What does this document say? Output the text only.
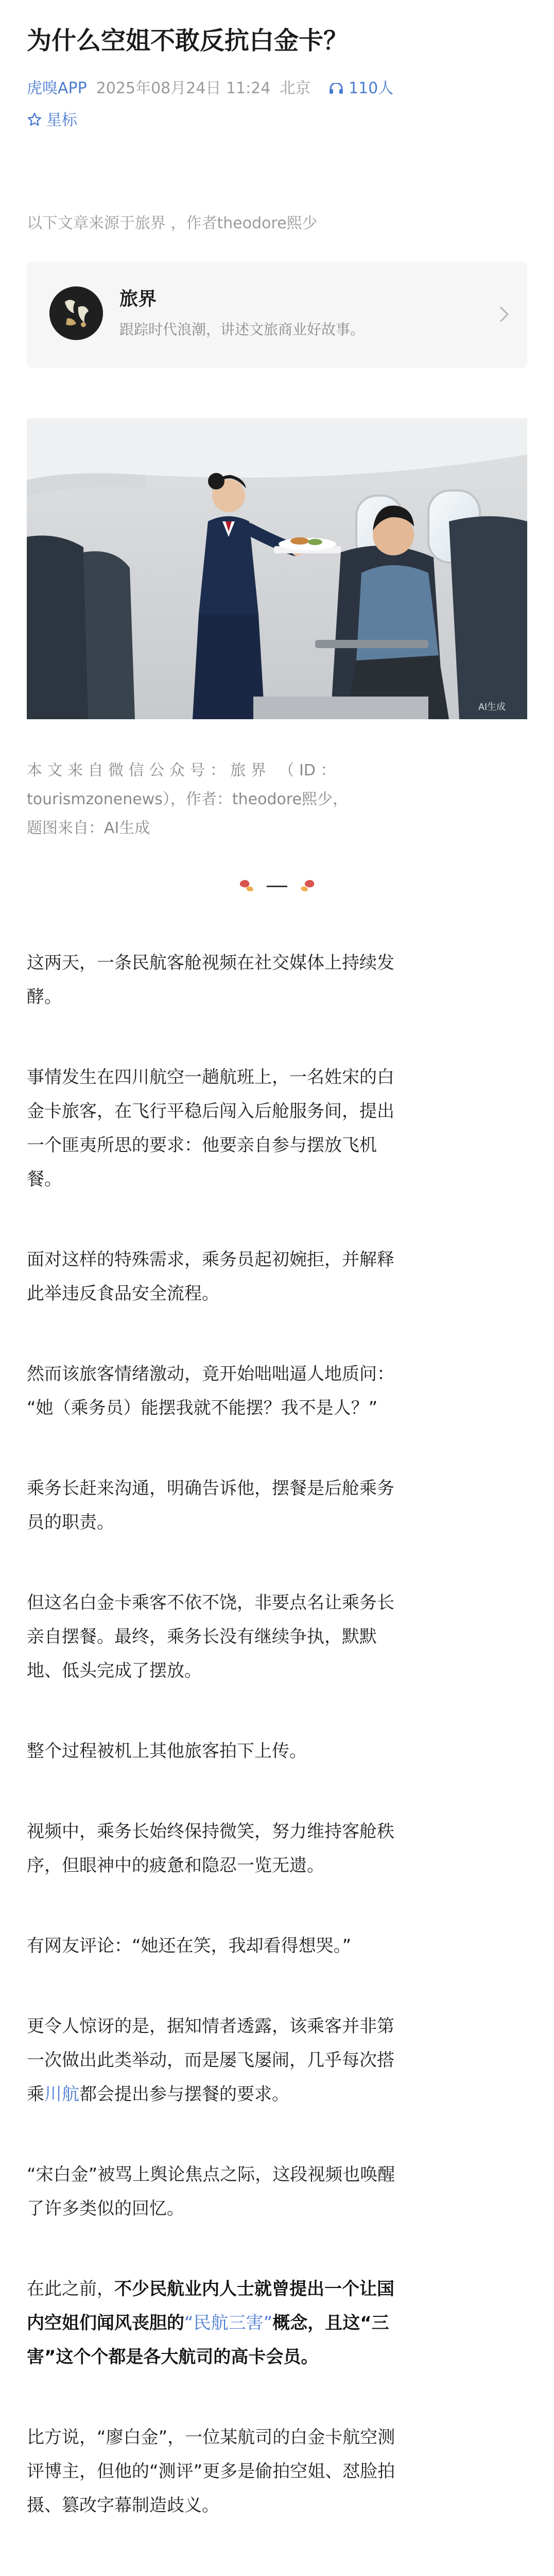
为什么空姐不敢反抗白金卡？
虎嗅APP 2025年08月24日 11:24 北京 110人
星标
以下文章来源于旅界 ，作者theodore熙少
旅界
跟踪时代浪潮，讲述文旅商业好故事。
AI生成
本 文 来 自 微 信 公 众 号 ： 旅 界 　（ ID ：
tourismzonenews），作者：theodore熙少，
题图来自：AI生成
这两天，一条民航客舱视频在社交媒体上持续发
酵。
事情发生在四川航空一趟航班上，一名姓宋的白
金卡旅客，在飞行平稳后闯入后舱服务间，提出
一个匪夷所思的要求：他要亲自参与摆放飞机
餐。
面对这样的特殊需求，乘务员起初婉拒，并解释
此举违反食品安全流程。
然而该旅客情绪激动，竟开始咄咄逼人地质问：
“她（乘务员）能摆我就不能摆？我不是人？”
乘务长赶来沟通，明确告诉他，摆餐是后舱乘务
员的职责。
但这名白金卡乘客不依不饶，非要点名让乘务长
亲自摆餐。最终，乘务长没有继续争执，默默
地、低头完成了摆放。
整个过程被机上其他旅客拍下上传。
视频中，乘务长始终保持微笑，努力维持客舱秩
序，但眼神中的疲惫和隐忍一览无遗。
有网友评论：“她还在笑，我却看得想哭。”
更令人惊讶的是，据知情者透露，该乘客并非第
一次做出此类举动，而是屡飞屡闹，几乎每次搭
乘川航都会提出参与摆餐的要求。
“宋白金”被骂上舆论焦点之际，这段视频也唤醒
了许多类似的回忆。
在此之前，不少民航业内人士就曾提出一个让国
内空姐们闻风丧胆的“民航三害”概念，且这“三
害”这个个都是各大航司的高卡会员。
比方说，“廖白金”，一位某航司的白金卡航空测
评博主，但他的“测评”更多是偷拍空姐、怼脸拍
摄、篡改字幕制造歧义。
